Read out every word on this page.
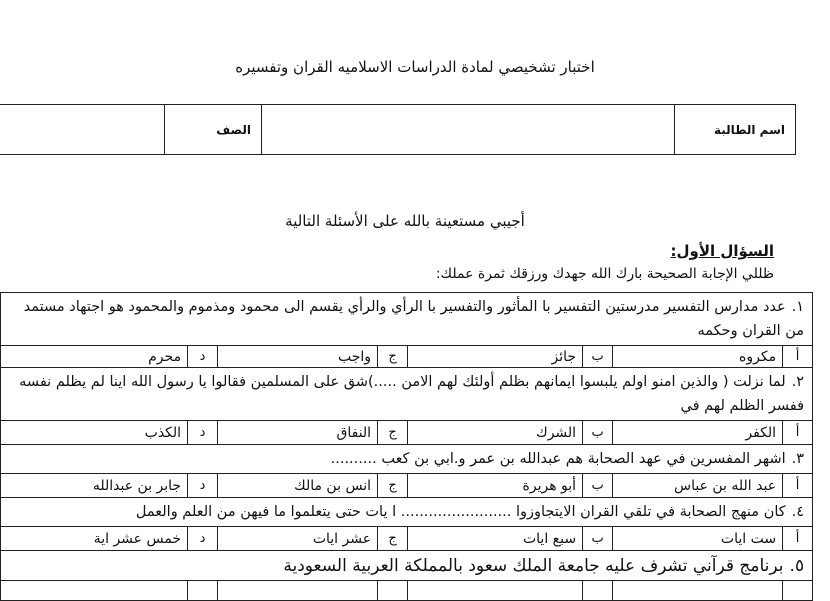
اختبار تشخيصي لمادة الدراسات الاسلاميه القران وتفسيره
اسم الطالبة		الصف	
أجيبي مستعينة بالله على الأسئلة التالية
السؤال الأول:
ظللي الإجابة الصحيحة بارك الله جهدك ورزقك ثمرة عملك:
١.عدد مدارس التفسير مدرستين التفسير با المأثور والتفسير با الرأي والرأي يقسم الى محمود ومذموم والمحمود هو اجتهاد مستمد من القران وحكمه							
أ	مكروه	ب	جائز	ج	واجب	د	محرم
٢.لما نزلت ( والذين امنو اولم يلبسوا ايمانهم بظلم أولئك لهم الامن .....)شق على المسلمين فقالوا يا رسول الله اينا لم يظلم نفسه ففسر الظلم لهم في							
أ	الكفر	ب	الشرك	ج	النفاق	د	الكذب
٣.اشهر المفسرين في عهد الصحابة هم عبدالله بن عمر و.ابي بن كعب ..........							
أ	عبد الله بن عباس	ب	أبو هريرة	ج	انس بن مالك	د	جابر بن عبدالله
٤.كان منهج الصحابة في تلقي القران الايتجاوزوا ........................ ا يات حتى يتعلموا ما فيهن من العلم والعمل							
أ	ست ايات	ب	سبع ايات	ج	عشر ايات	د	خمس عشر اية
٥.برنامج قرآني تشرف عليه جامعة الملك سعود بالمملكة العربية السعودية							
